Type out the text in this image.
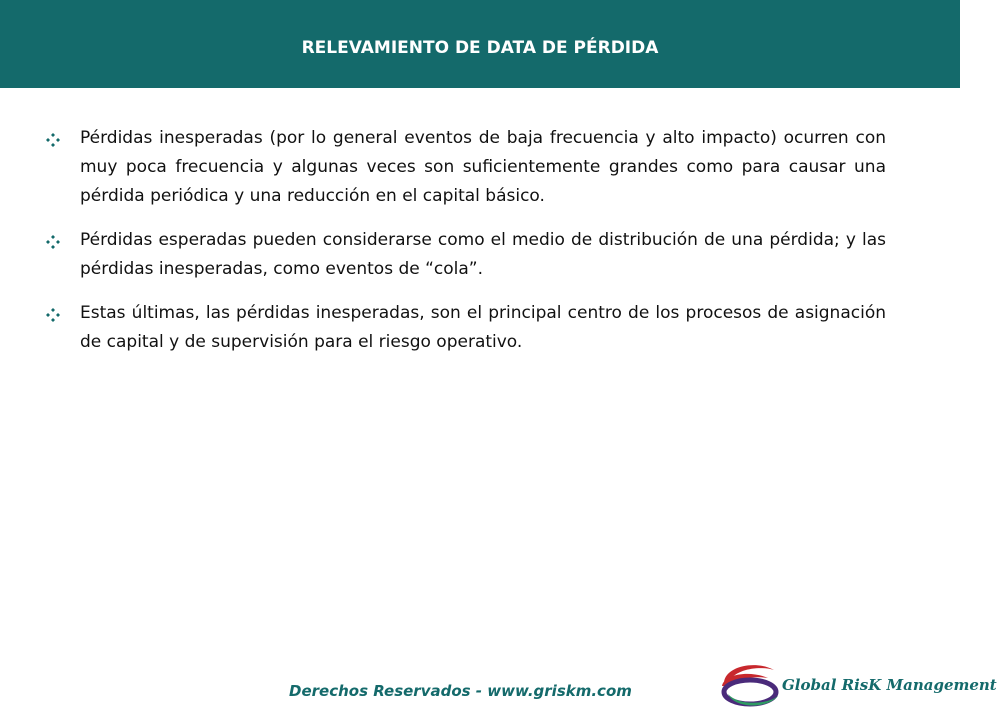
RELEVAMIENTO DE DATA DE PÉRDIDA
Pérdidas inesperadas (por lo general eventos de baja frecuencia y alto impacto) ocurren con muy poca frecuencia y algunas veces son suficientemente grandes como para causar una pérdida periódica y una reducción en el capital básico.
Pérdidas esperadas pueden considerarse como el medio de distribución de una pérdida; y las pérdidas inesperadas, como eventos de “cola”.
Estas últimas, las pérdidas inesperadas, son el principal centro de los procesos de asignación de capital y de supervisión para el riesgo operativo.
Derechos Reservados - www.griskm.com	Global RisK Management
